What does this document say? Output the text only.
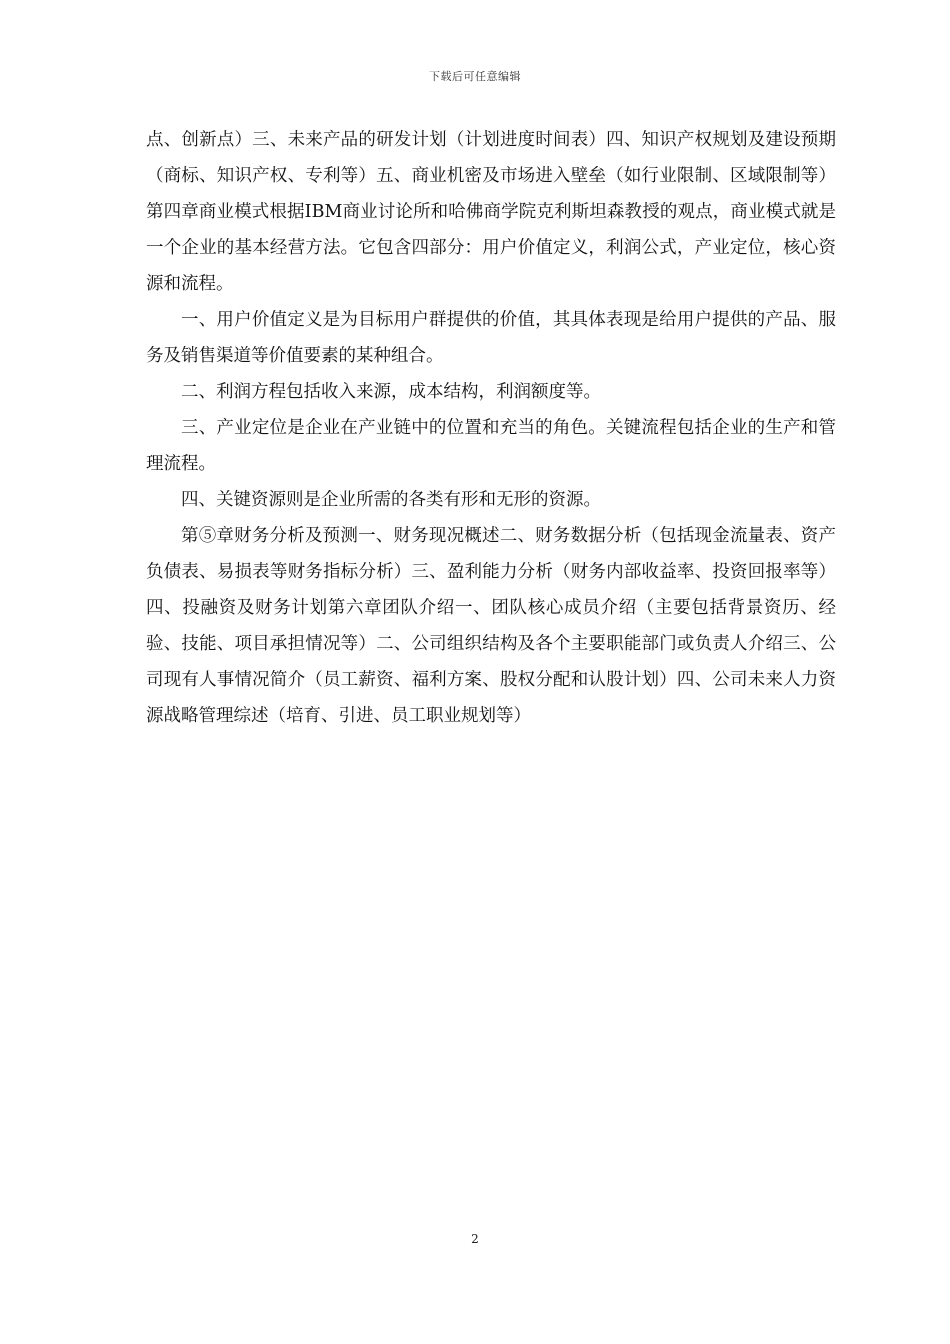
下载后可任意编辑

点、创新点）三、未来产品的研发计划（计划进度时间表）四、知识产权规划及建设预期（商标、知识产权、专利等）五、商业机密及市场进入壁垒（如行业限制、区域限制等）第四章商业模式根据IBM商业讨论所和哈佛商学院克利斯坦森教授的观点，商业模式就是一个企业的基本经营方法。它包含四部分：用户价值定义，利润公式，产业定位，核心资源和流程。

一、用户价值定义是为目标用户群提供的价值，其具体表现是给用户提供的产品、服务及销售渠道等价值要素的某种组合。

二、利润方程包括收入来源，成本结构，利润额度等。

三、产业定位是企业在产业链中的位置和充当的角色。关键流程包括企业的生产和管理流程。

四、关键资源则是企业所需的各类有形和无形的资源。

第⑤章财务分析及预测一、财务现况概述二、财务数据分析（包括现金流量表、资产负债表、易损表等财务指标分析）三、盈利能力分析（财务内部收益率、投资回报率等）四、投融资及财务计划第六章团队介绍一、团队核心成员介绍（主要包括背景资历、经验、技能、项目承担情况等）二、公司组织结构及各个主要职能部门或负责人介绍三、公司现有人事情况简介（员工薪资、福利方案、股权分配和认股计划）四、公司未来人力资源战略管理综述（培育、引进、员工职业规划等）

2
